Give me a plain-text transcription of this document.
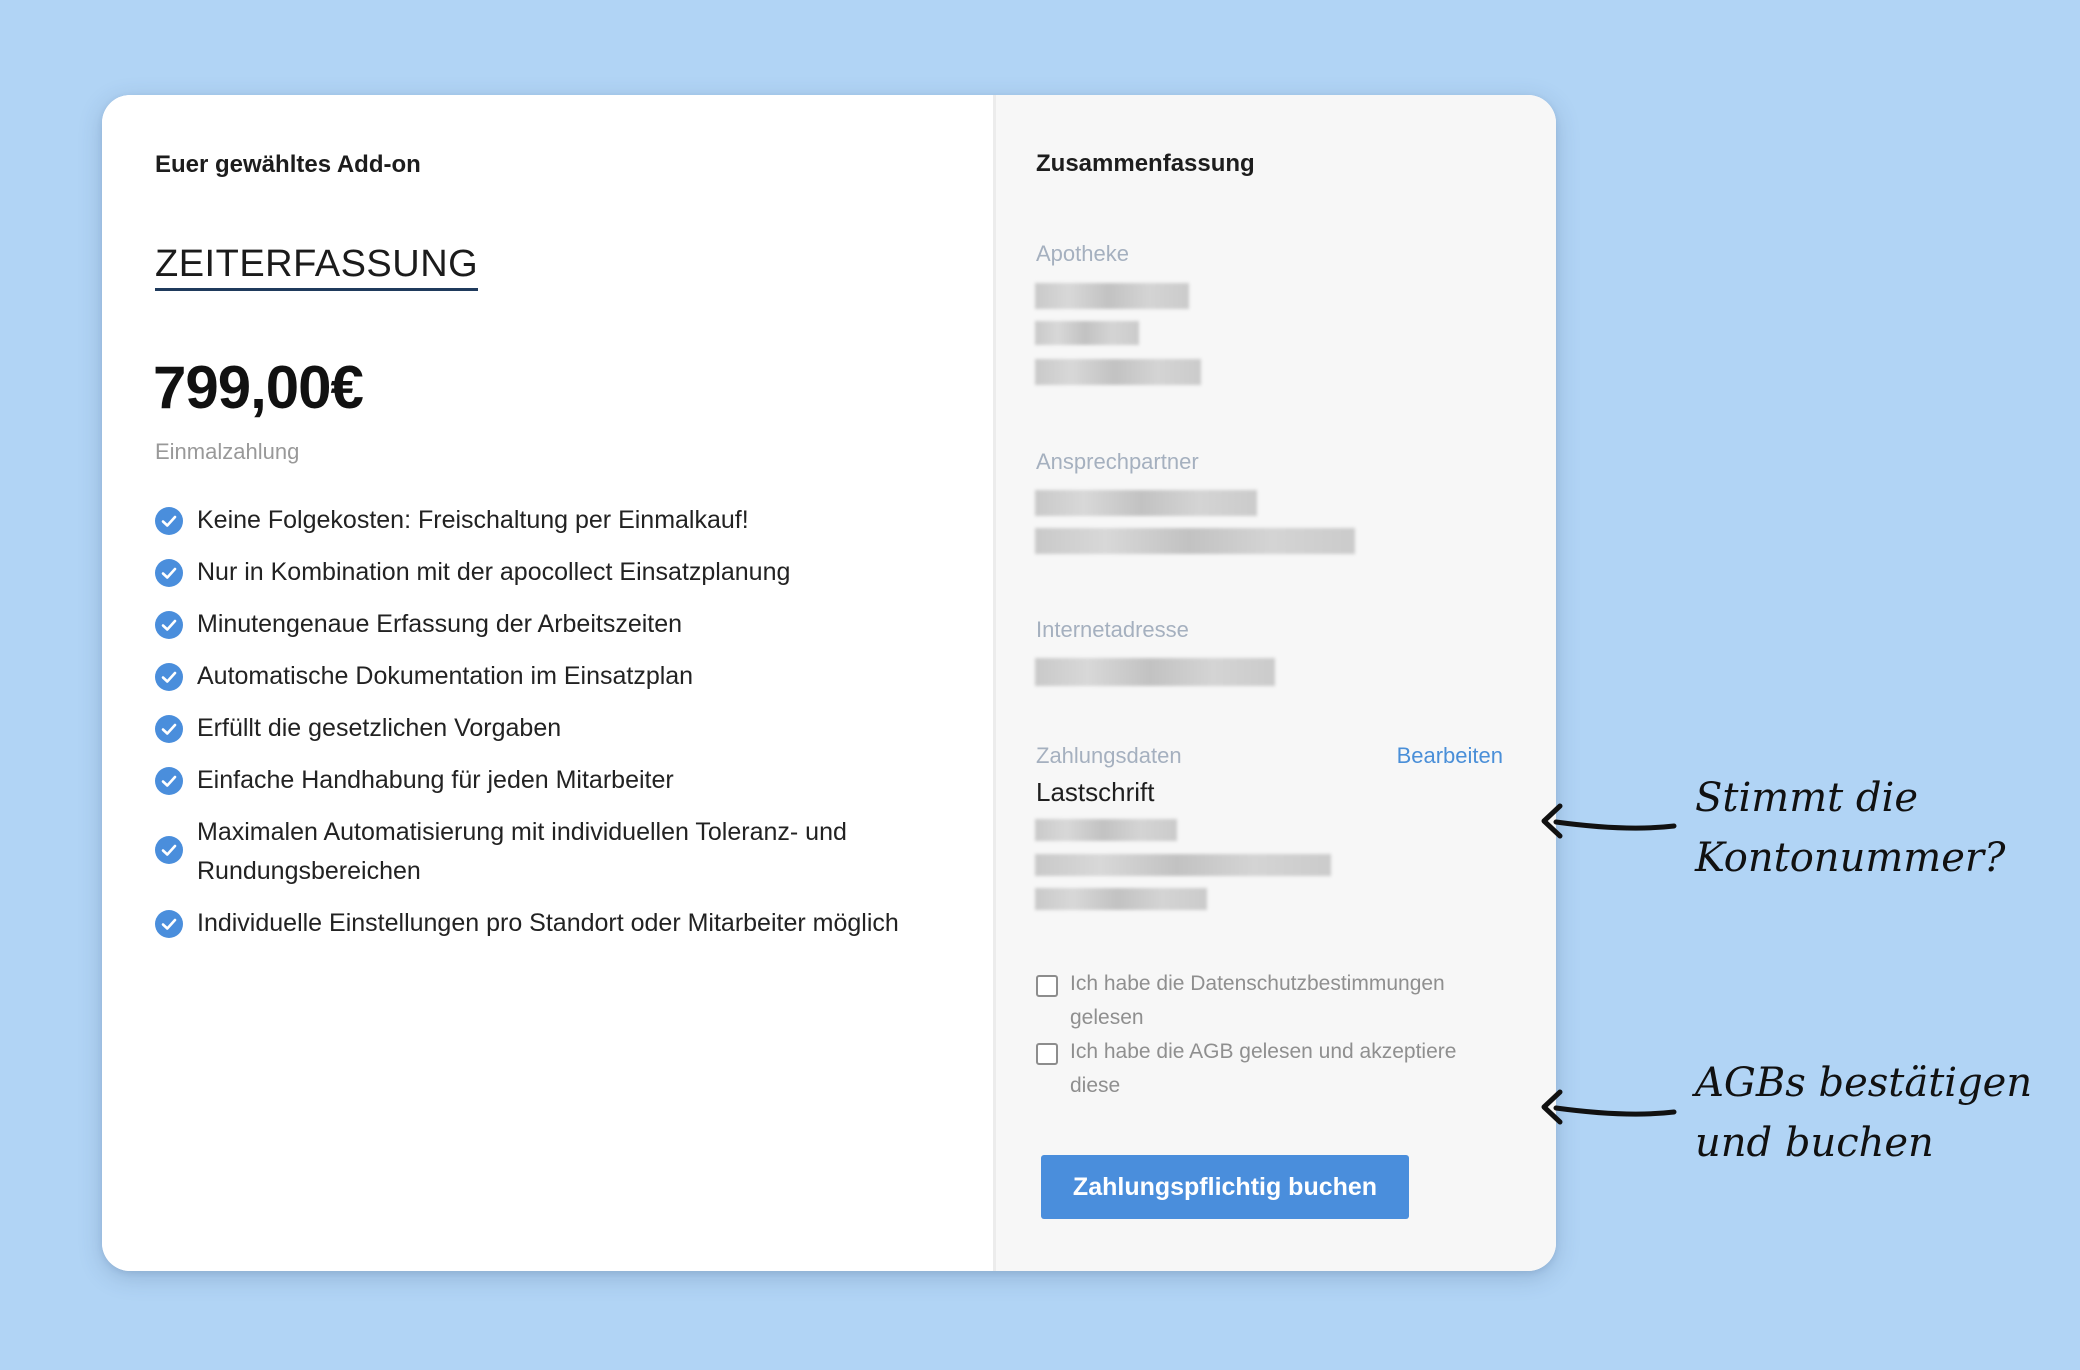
Euer gewähltes Add-on
ZEITERFASSUNG
799,00€
Einmalzahlung
Keine Folgekosten: Freischaltung per Einmalkauf!
Nur in Kombination mit der apocollect Einsatzplanung
Minutengenaue Erfassung der Arbeitszeiten
Automatische Dokumentation im Einsatzplan
Erfüllt die gesetzlichen Vorgaben
Einfache Handhabung für jeden Mitarbeiter
Maximalen Automatisierung mit individuellen Toleranz- und Rundungsbereichen
Individuelle Einstellungen pro Standort oder Mitarbeiter möglich
Zusammenfassung
Apotheke
Ansprechpartner
Internetadresse
Zahlungsdaten	Bearbeiten
Lastschrift
Ich habe die Datenschutzbestimmungen gelesen
Ich habe die AGB gelesen und akzeptiere diese
Zahlungspflichtig buchen
Stimmt die
Kontonummer?
AGBs bestätigen
und buchen
